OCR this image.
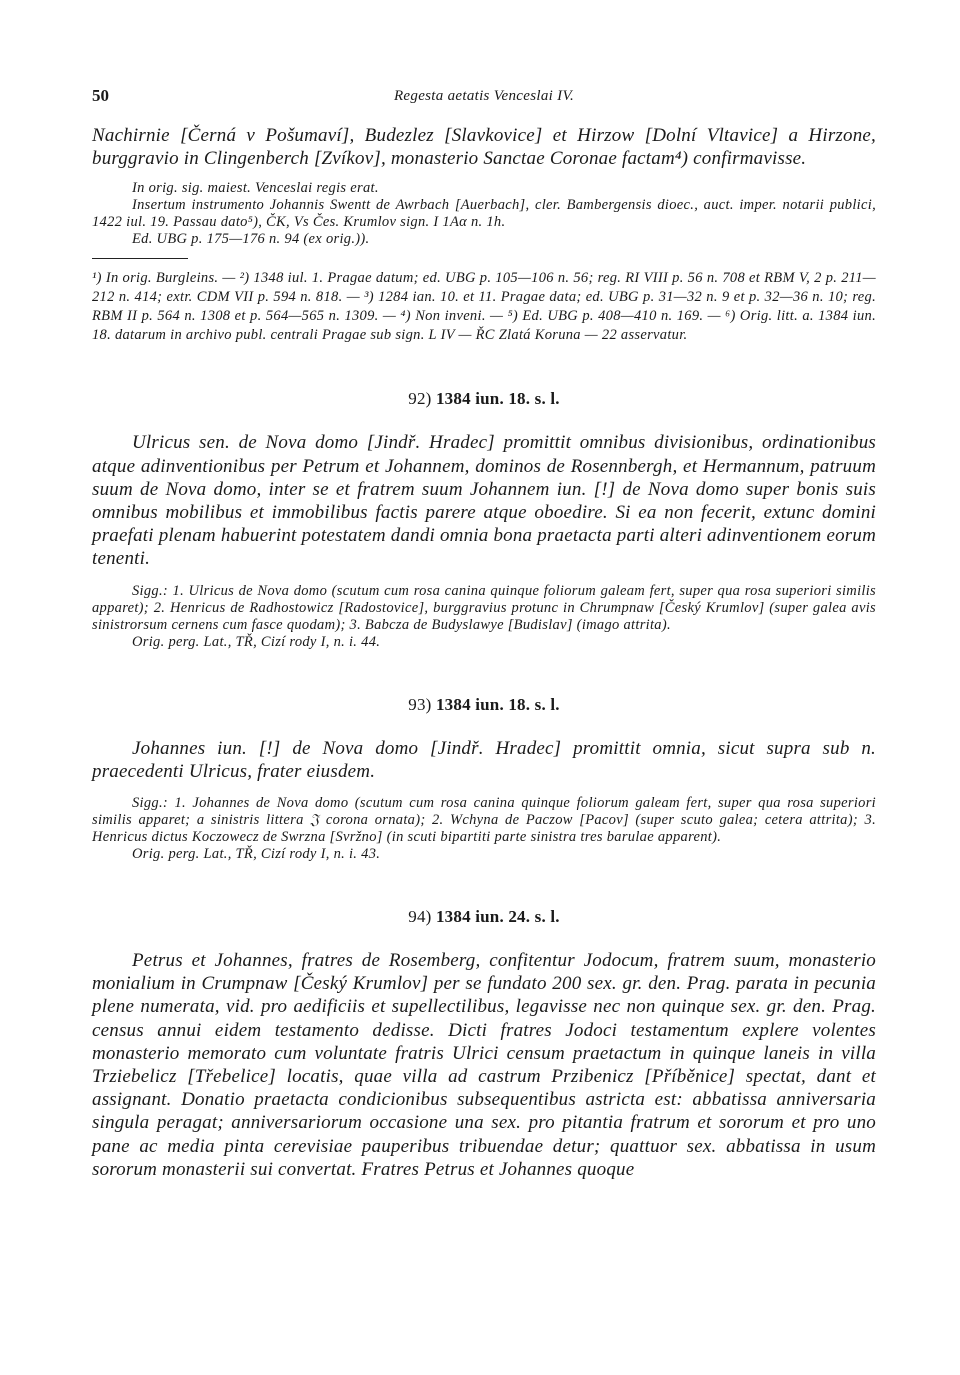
50	Regesta aetatis Venceslai IV.

Nachirnie [Černá v Pošumaví], Budezlez [Slavkovice] et Hirzow [Dolní Vltavice] a Hirzone, burggravio in Clingenberch [Zvíkov], monasterio Sanctae Coronae factam⁴) confirmavisse.

In orig. sig. maiest. Venceslai regis erat.

Insertum instrumento Johannis Swentt de Awrbach [Auerbach], cler. Bambergensis dioec., auct. imper. notarii publici, 1422 iul. 19. Passau dato⁵), ČK, Vs Čes. Krumlov sign. I 1Aα n. 1h.

Ed. UBG p. 175—176 n. 94 (ex orig.)).

¹) In orig. Burgleins. — ²) 1348 iul. 1. Pragae datum; ed. UBG p. 105—106 n. 56; reg. RI VIII p. 56 n. 708 et RBM V, 2 p. 211—212 n. 414; extr. CDM VII p. 594 n. 818. — ³) 1284 ian. 10. et 11. Pragae data; ed. UBG p. 31—32 n. 9 et p. 32—36 n. 10; reg. RBM II p. 564 n. 1308 et p. 564—565 n. 1309. — ⁴) Non inveni. — ⁵) Ed. UBG p. 408—410 n. 169. — ⁶) Orig. litt. a. 1384 iun. 18. datarum in archivo publ. centrali Pragae sub sign. L IV — ŘC Zlatá Koruna — 22 asservatur.

92) 1384 iun. 18. s. l.

Ulricus sen. de Nova domo [Jindř. Hradec] promittit omnibus divisionibus, ordinationibus atque adinventionibus per Petrum et Johannem, dominos de Rosennbergh, et Hermannum, patruum suum de Nova domo, inter se et fratrem suum Johannem iun. [!] de Nova domo super bonis suis omnibus mobilibus et immobilibus factis parere atque oboedire. Si ea non fecerit, extunc domini praefati plenam habuerint potestatem dandi omnia bona praetacta parti alteri adinventionem eorum tenenti.

Sigg.: 1. Ulricus de Nova domo (scutum cum rosa canina quinque foliorum galeam fert, super qua rosa superiori similis apparet); 2. Henricus de Radhostowicz [Radostovice], burggravius protunc in Chrumpnaw [Český Krumlov] (super galea avis sinistrorsum cernens cum fasce quodam); 3. Babcza de Budyslawye [Budislav] (imago attrita).

Orig. perg. Lat., TŘ, Cizí rody I, n. i. 44.

93) 1384 iun. 18. s. l.

Johannes iun. [!] de Nova domo [Jindř. Hradec] promittit omnia, sicut supra sub n. praecedenti Ulricus, frater eiusdem.

Sigg.: 1. Johannes de Nova domo (scutum cum rosa canina quinque foliorum galeam fert, super qua rosa superiori similis apparet; a sinistris littera 𝔍 corona ornata); 2. Wchyna de Paczow [Pacov] (super scuto galea; cetera attrita); 3. Henricus dictus Koczowecz de Swrzna [Svržno] (in scuti bipartiti parte sinistra tres barulae apparent).

Orig. perg. Lat., TŘ, Cizí rody I, n. i. 43.

94) 1384 iun. 24. s. l.

Petrus et Johannes, fratres de Rosemberg, confitentur Jodocum, fratrem suum, monasterio monialium in Crumpnaw [Český Krumlov] per se fundato 200 sex. gr. den. Prag. parata in pecunia plene numerata, vid. pro aedificiis et supellectilibus, legavisse nec non quinque sex. gr. den. Prag. census annui eidem testamento dedisse. Dicti fratres Jodoci testamentum explere volentes monasterio memorato cum voluntate fratris Ulrici censum praetactum in quinque laneis in villa Trziebelicz [Třebelice] locatis, quae villa ad castrum Przibenicz [Příběnice] spectat, dant et assignant. Donatio praetacta condicionibus subsequentibus astricta est: abbatissa anniversaria singula peragat; anniversariorum occasione una sex. pro pitantia fratrum et sororum et pro uno pane ac media pinta cerevisiae pauperibus tribuendae detur; quattuor sex. abbatissa in usum sororum monasterii sui convertat. Fratres Petrus et Johannes quoque
